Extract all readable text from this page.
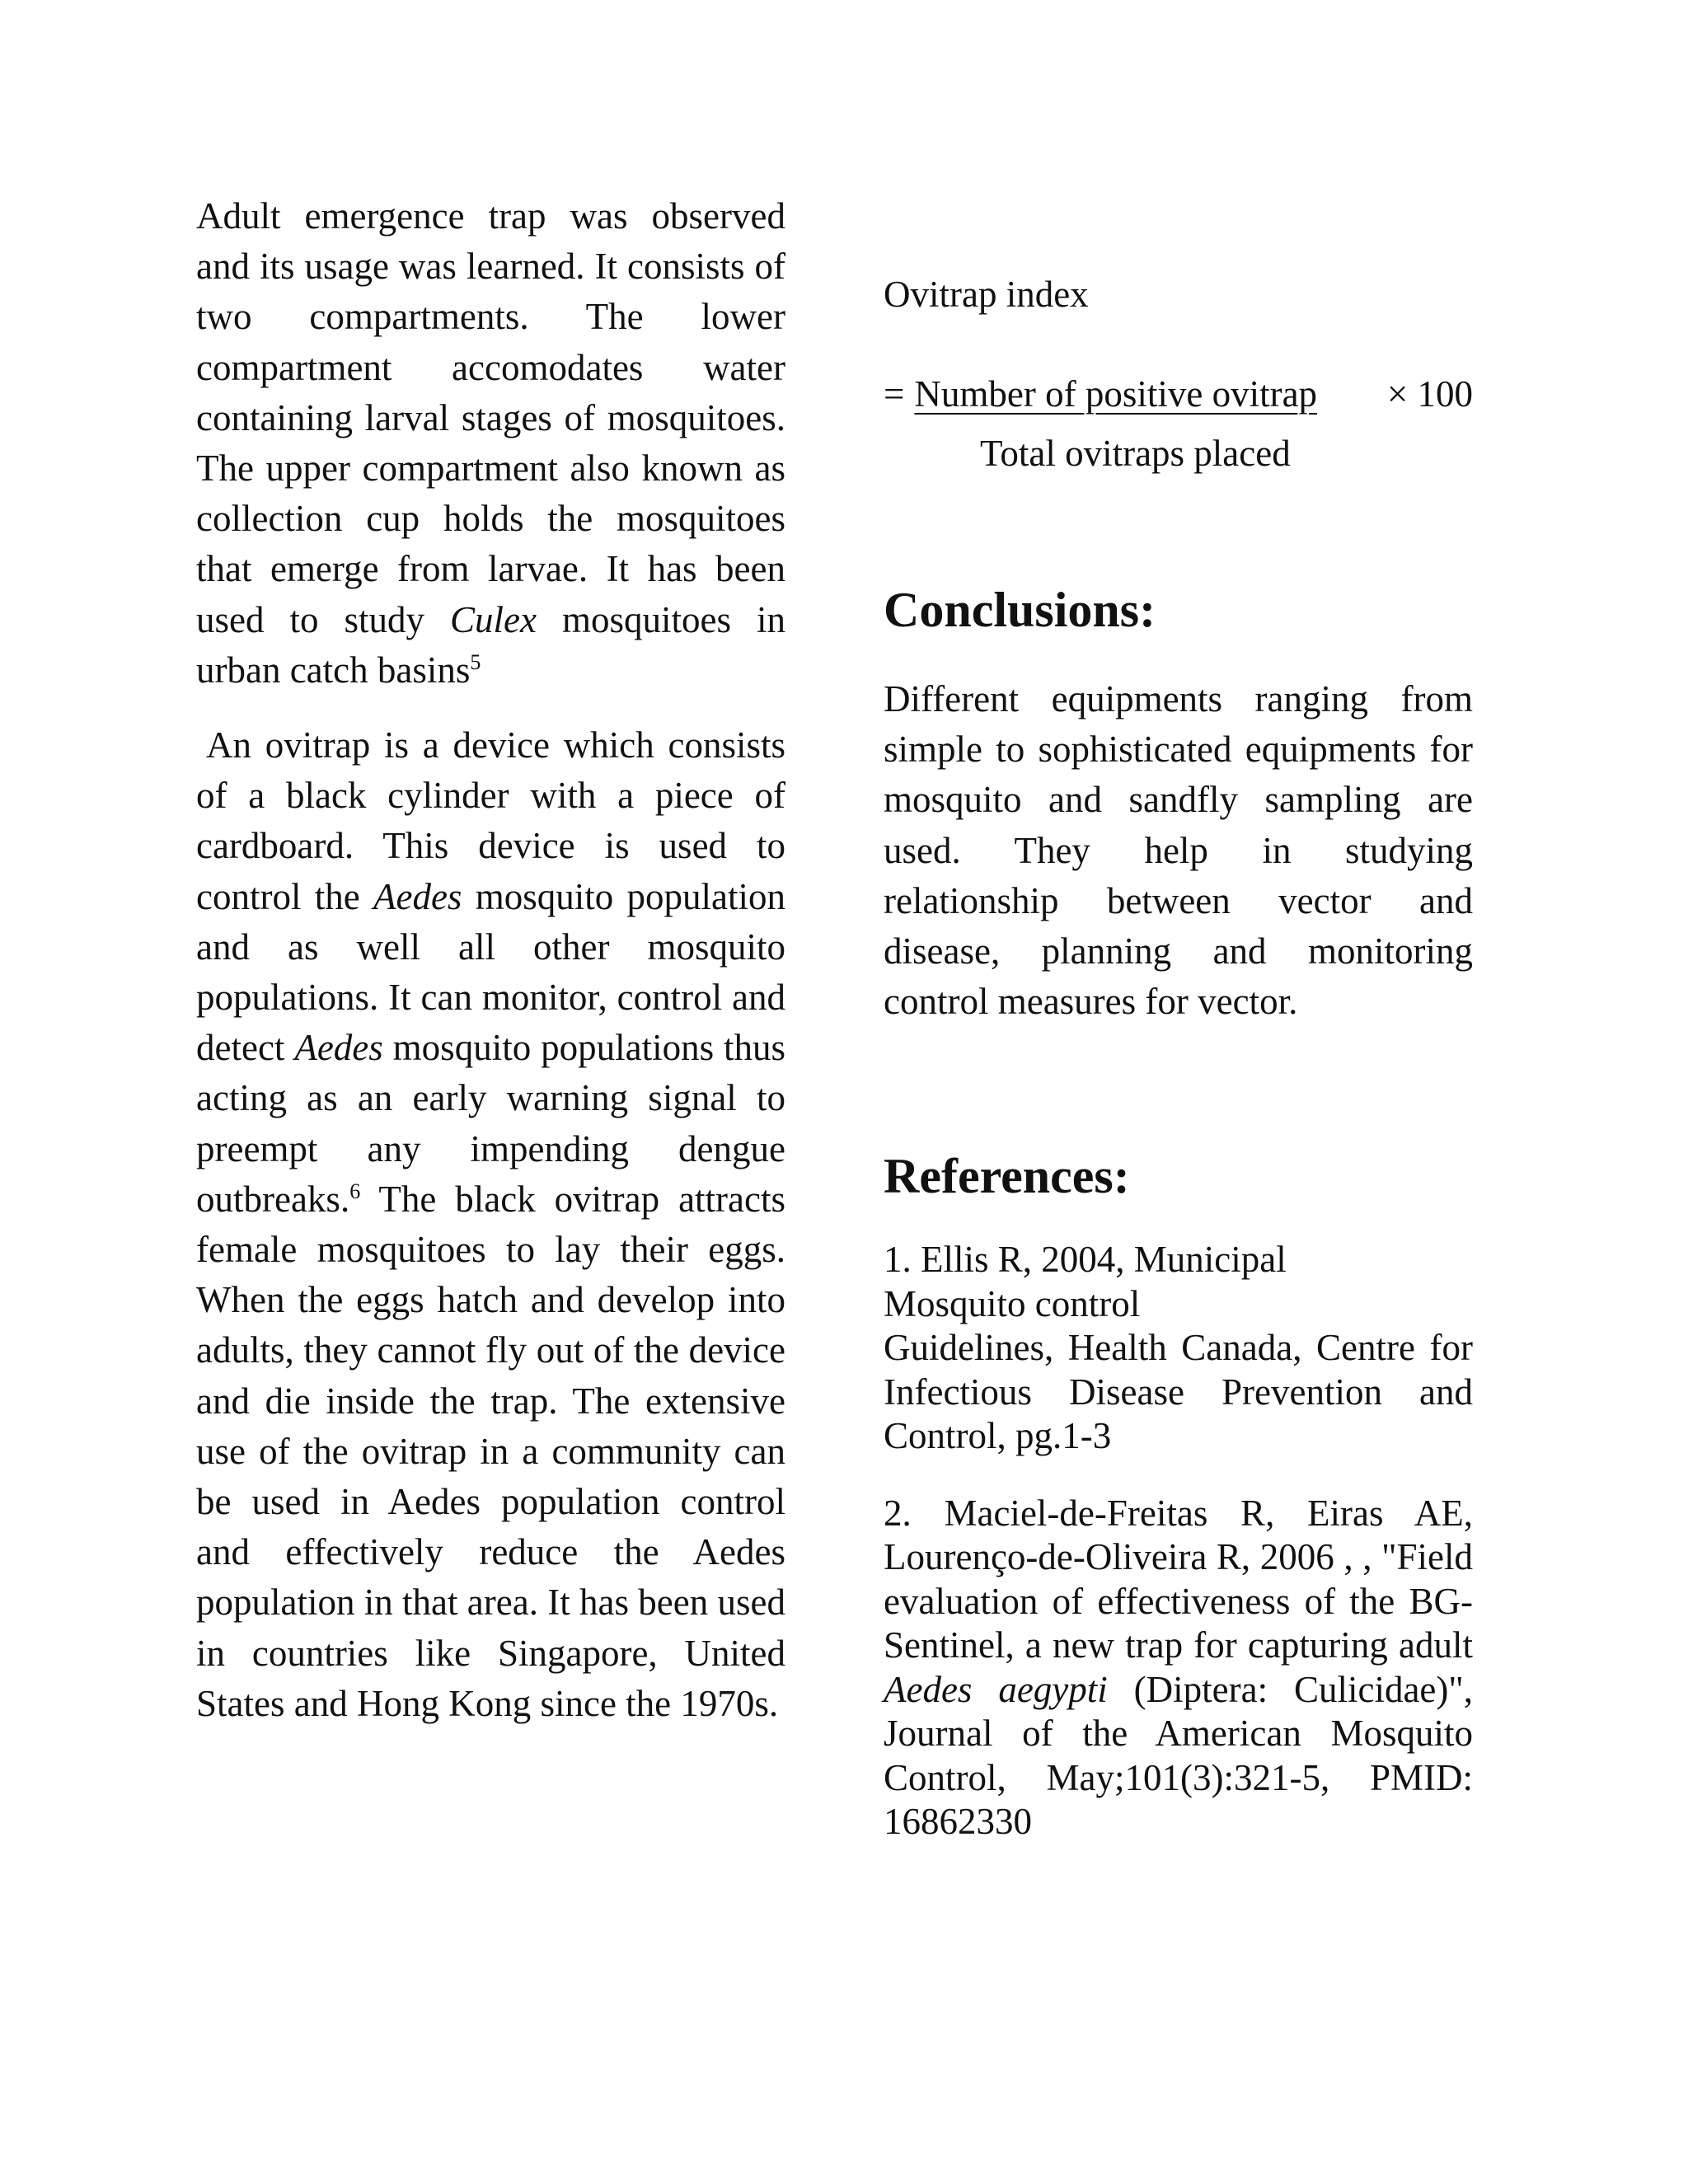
Adult emergence trap was observed and its usage was learned. It consists of two compartments. The lower compartment accomodates water containing larval stages of mosquitoes. The upper compartment also known as collection cup holds the mosquitoes that emerge from larvae. It has been used to study Culex mosquitoes in urban catch basins$^5$

An ovitrap is a device which consists of a black cylinder with a piece of cardboard. This device is used to control the Aedes mosquito population and as well all other mosquito populations. It can monitor, control and detect Aedes mosquito populations thus acting as an early warning signal to preempt any impending dengue outbreaks.$^6$ The black ovitrap attracts female mosquitoes to lay their eggs. When the eggs hatch and develop into adults, they cannot fly out of the device and die inside the trap. The extensive use of the ovitrap in a community can be used in Aedes population control and effectively reduce the Aedes population in that area. It has been used in countries like Singapore, United States and Hong Kong since the 1970s.

Ovitrap index

= Number of positive ovitrap × 100

Total ovitraps placed

Conclusions:

Different equipments ranging from simple to sophisticated equipments for mosquito and sandfly sampling are used. They help in studying relationship between vector and disease, planning and monitoring control measures for vector.

References:

1. Ellis R, 2004, Municipal

Mosquito control

Guidelines, Health Canada, Centre for Infectious Disease Prevention and Control, pg.1-3

2. Maciel-de-Freitas R, Eiras AE, Lourenço-de-Oliveira R, 2006 , , "Field evaluation of effectiveness of the BG-Sentinel, a new trap for capturing adult Aedes aegypti (Diptera: Culicidae)", Journal of the American Mosquito Control, May;101(3):321-5, PMID: 16862330
